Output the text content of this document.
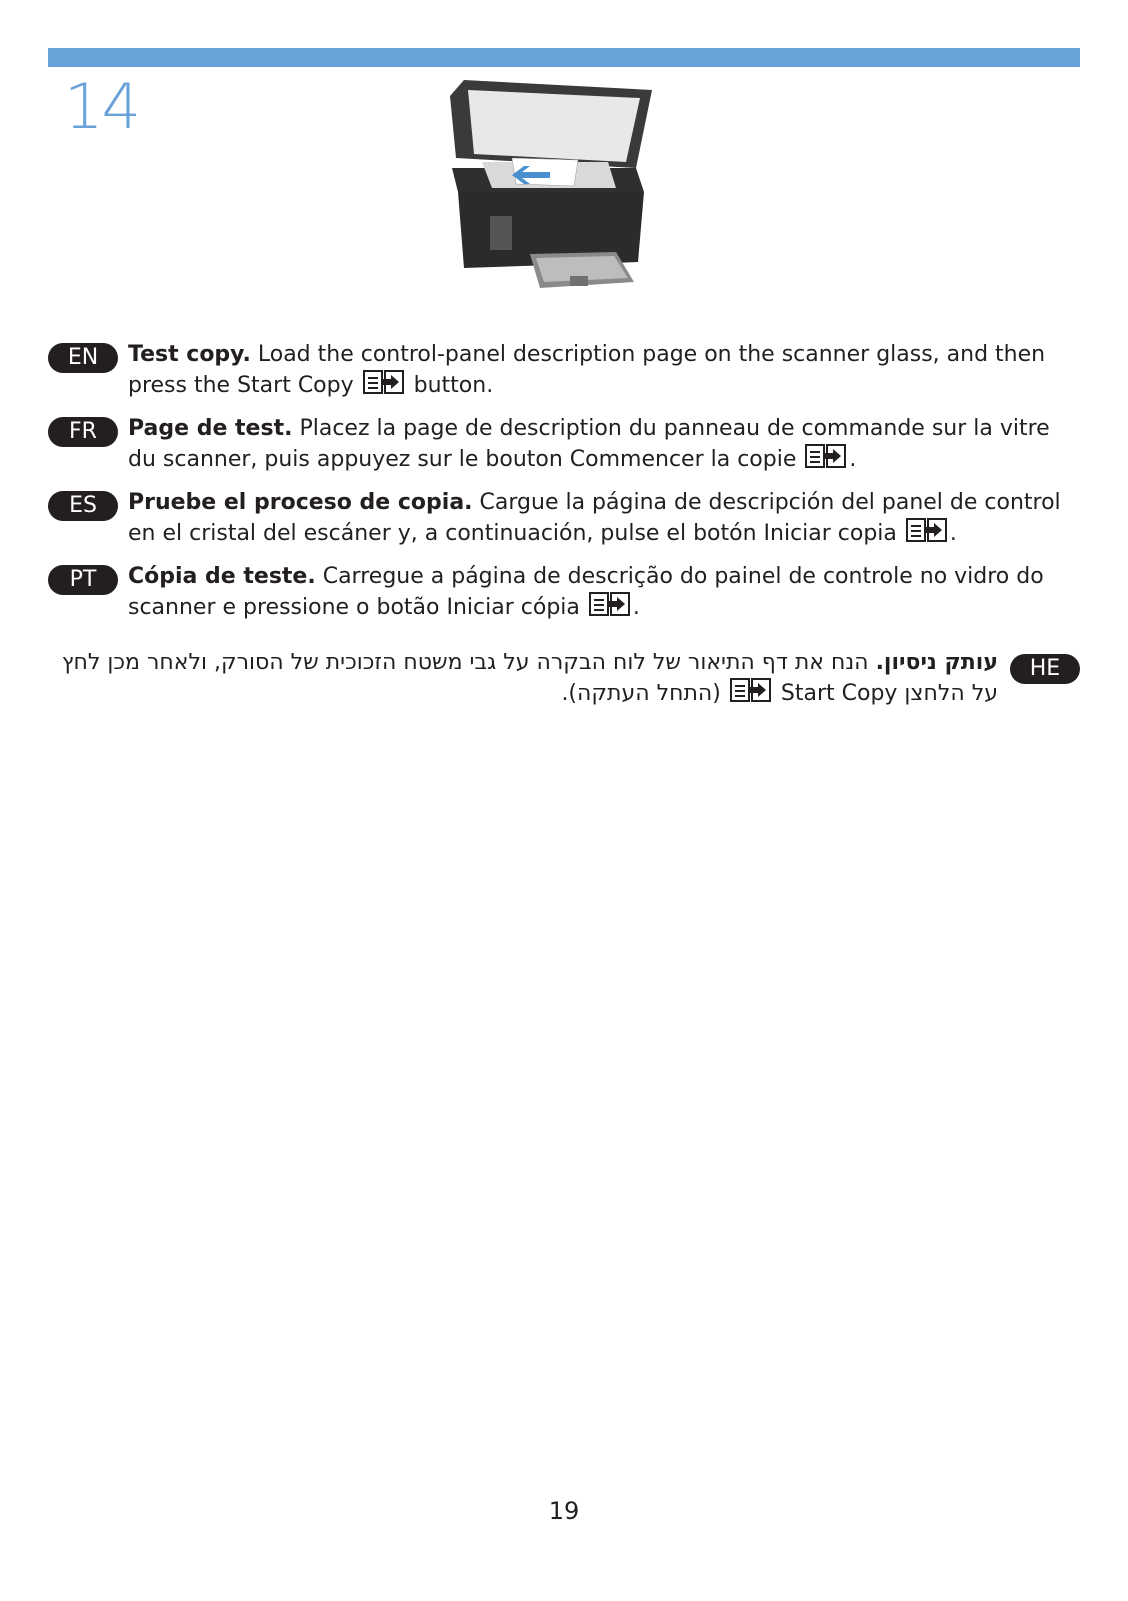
14
EN	Test copy. Load the control-panel description page on the scanner glass, and then press the Start Copy	button.
FR	Page de test. Placez la page de description du panneau de commande sur la vitre du scanner, puis appuyez sur le bouton Commencer la copie .
ES	Pruebe el proceso de copia. Cargue la página de descripción del panel de control en el cristal del escáner y, a continuación, pulse el botón Iniciar copia .
PT	Cópia de teste. Carregue a página de descrição do painel de controle no vidro do scanner e pressione o botão Iniciar cópia .
HE
עותק ניסיון. הנח את דף התיאור של לוח הבקרה על גבי משטח הזכוכית של הסורק, ולאחר מכן לחץ על הלחצן Start Copy  (התחל העתקה).
19
